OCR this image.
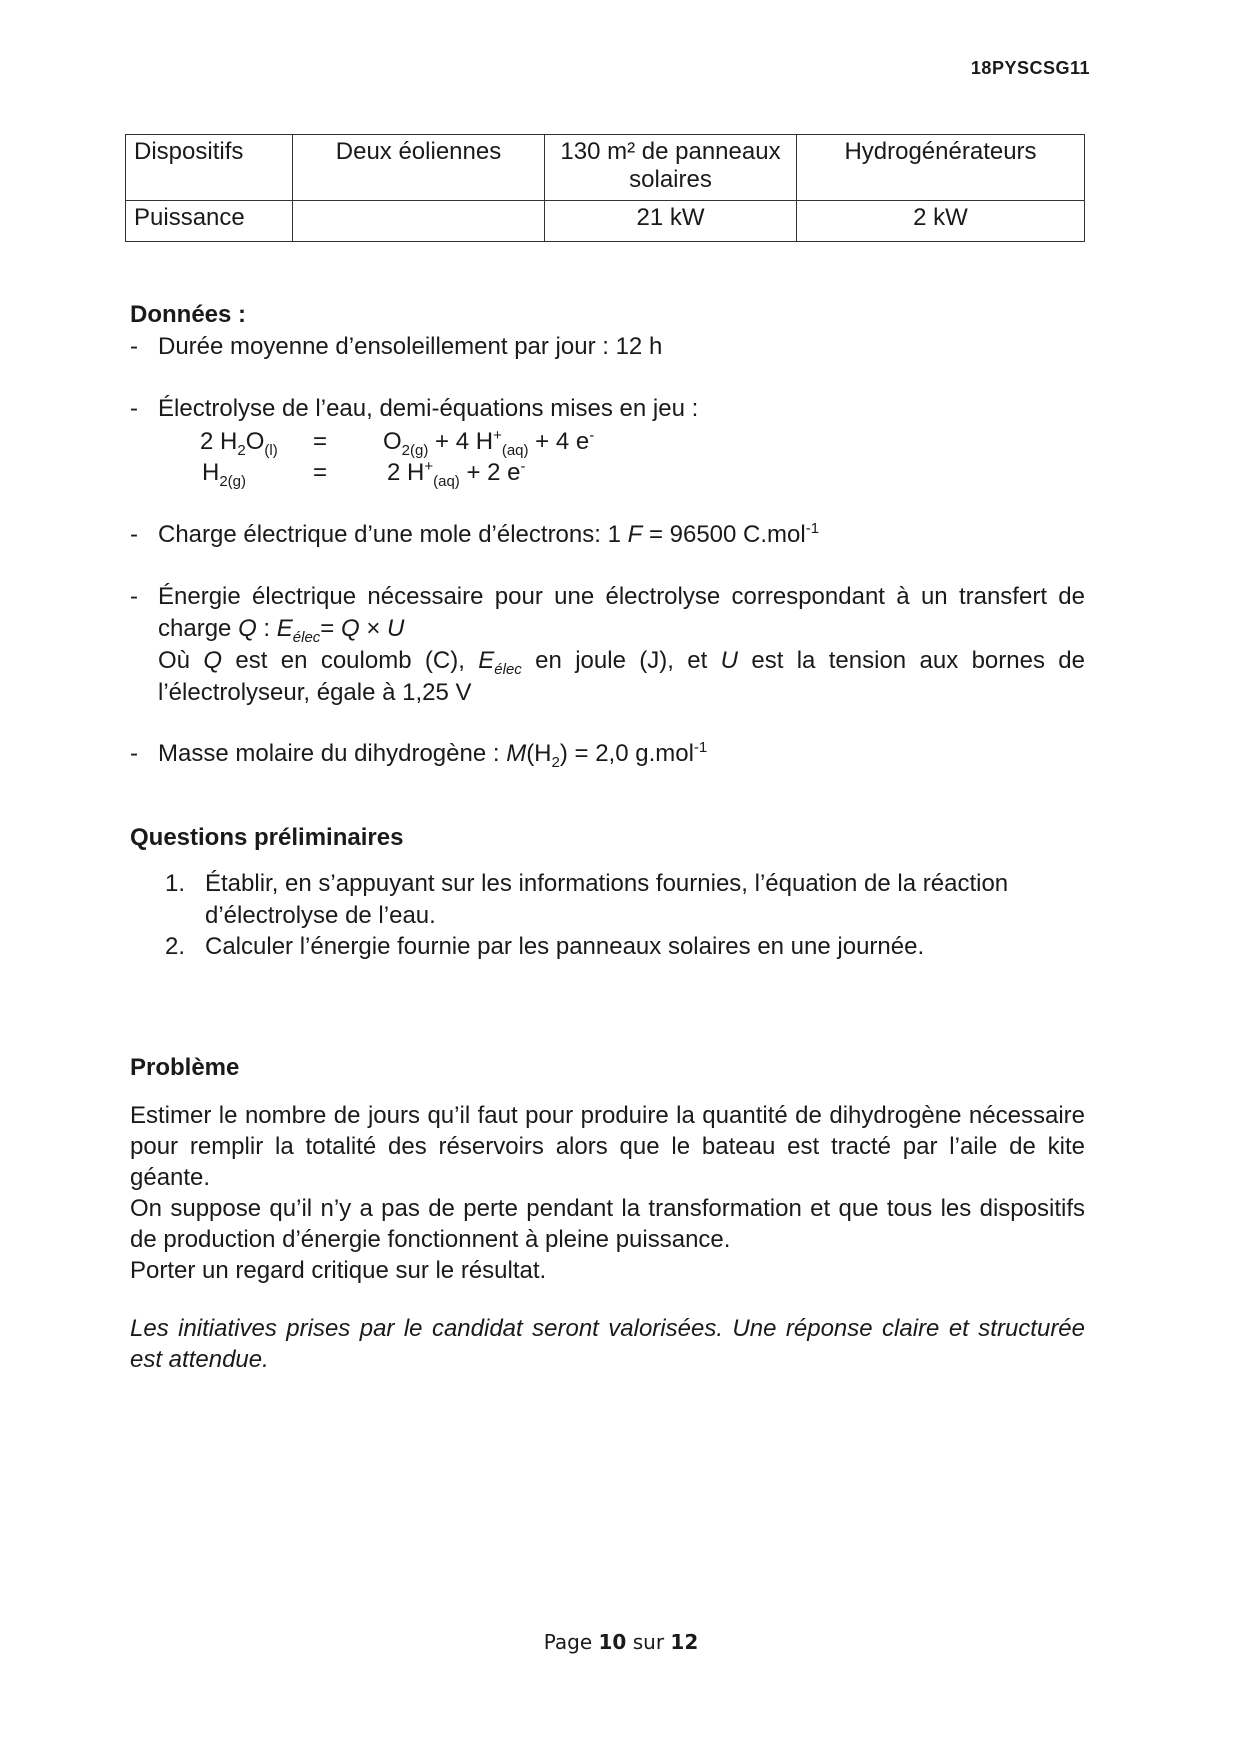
18PYSCSG11
Dispositifs	Deux éoliennes	130 m² de panneaux solaires	Hydrogénérateurs
Puissance		21 kW	2 kW
Données :
- Durée moyenne d’ensoleillement par jour : 12 h
- Électrolyse de l’eau, demi-équations mises en jeu :
2 $H_2O_{(l)} = O_{2(g)} + 4$ $H^+_{(aq)} + 4$ e-
$H_{2(g)}$	= 2 $H^+_{(aq)} + 2$ e-
- Charge électrique d’une mole d’électrons: 1 F = 96500 C.mol$^{-1}$
- Énergie électrique nécessaire pour une électrolyse correspondant à un transfert de charge Q : $E_{élec}= Q \times U$
Où Q est en coulomb (C), $E_{élec}$ en joule (J), et U est la tension aux bornes de l’électrolyseur, égale à 1,25 V
- Masse molaire du dihydrogène : $M(H_2) = 2,0$ g.mol$^{-1}$
Questions préliminaires
1. Établir, en s’appuyant sur les informations fournies, l’équation de la réaction d’électrolyse de l’eau.
2. Calculer l’énergie fournie par les panneaux solaires en une journée.
Problème
Estimer le nombre de jours qu’il faut pour produire la quantité de dihydrogène nécessaire pour remplir la totalité des réservoirs alors que le bateau est tracté par l’aile de kite géante.
On suppose qu’il n’y a pas de perte pendant la transformation et que tous les dispositifs de production d’énergie fonctionnent à pleine puissance.
Porter un regard critique sur le résultat.
Les initiatives prises par le candidat seront valorisées. Une réponse claire et structurée est attendue.
Page 10 sur 12
